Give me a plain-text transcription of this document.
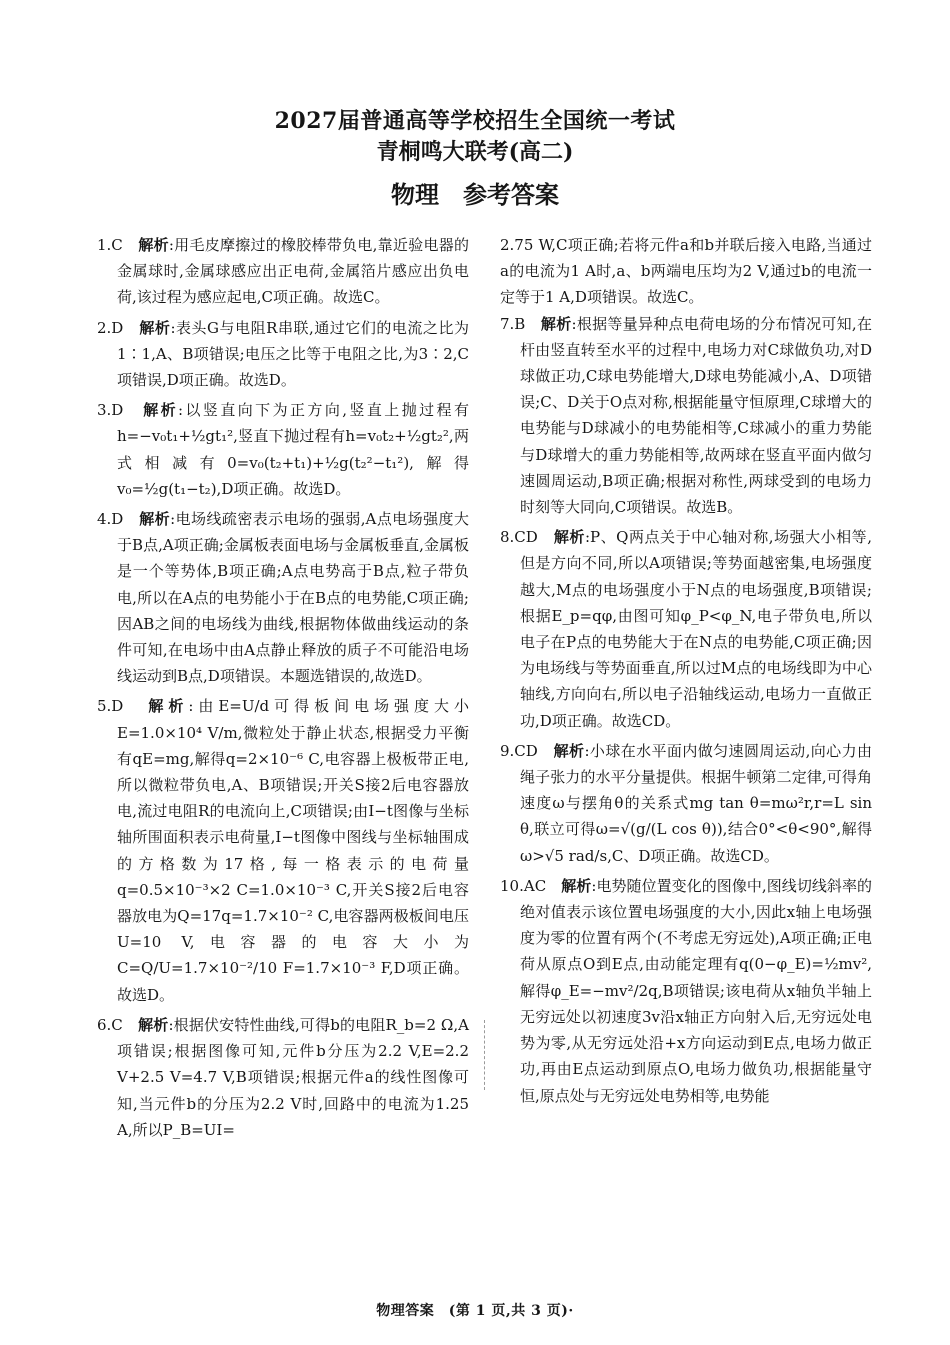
2027届普通高等学校招生全国统一考试
青桐鸣大联考(高二)
物理　参考答案
1.C　 解析:用毛皮摩擦过的橡胶棒带负电,靠近验电器的金属球时,金属球感应出正电荷,金属箔片感应出负电荷,该过程为感应起电,C项正确。故选C。
2.D　 解析:表头G与电阻R串联,通过它们的电流之比为1∶1,A、B项错误;电压之比等于电阻之比,为3∶2,C项错误,D项正确。故选D。
3.D　 解析:以竖直向下为正方向,竖直上抛过程有h=−v₀t₁+½gt₁²,竖直下抛过程有h=v₀t₂+½gt₂²,两式相减有0=v₀(t₂+t₁)+½g(t₂²−t₁²),解得v₀=½g(t₁−t₂),D项正确。故选D。
4.D　 解析:电场线疏密表示电场的强弱,A点电场强度大于B点,A项正确;金属板表面电场与金属板垂直,金属板是一个等势体,B项正确;A点电势高于B点,粒子带负电,所以在A点的电势能小于在B点的电势能,C项正确;因AB之间的电场线为曲线,根据物体做曲线运动的条件可知,在电场中由A点静止释放的质子不可能沿电场线运动到B点,D项错误。本题选错误的,故选D。
5.D　 解析:由E=U/d可得板间电场强度大小E=1.0×10⁴ V/m,微粒处于静止状态,根据受力平衡有qE=mg,解得q=2×10⁻⁶ C,电容器上极板带正电,所以微粒带负电,A、B项错误;开关S接2后电容器放电,流过电阻R的电流向上,C项错误;由I−t图像与坐标轴所围面积表示电荷量,I−t图像中图线与坐标轴围成的方格数为17格,每一格表示的电荷量q=0.5×10⁻³×2 C=1.0×10⁻³ C,开关S接2后电容器放电为Q=17q=1.7×10⁻² C,电容器两极板间电压U=10 V,电容器的电容大小为C=Q/U=1.7×10⁻²/10 F=1.7×10⁻³ F,D项正确。故选D。
6.C　 解析:根据伏安特性曲线,可得b的电阻R_b=2 Ω,A项错误;根据图像可知,元件b分压为2.2 V,E=2.2 V+2.5 V=4.7 V,B项错误;根据元件a的线性图像可知,当元件b的分压为2.2 V时,回路中的电流为1.25 A,所以P_B=UI=
2.75 W,C项正确;若将元件a和b并联后接入电路,当通过a的电流为1 A时,a、b两端电压均为2 V,通过b的电流一定等于1 A,D项错误。故选C。
7.B　 解析:根据等量异种点电荷电场的分布情况可知,在杆由竖直转至水平的过程中,电场力对C球做负功,对D球做正功,C球电势能增大,D球电势能减小,A、D项错误;C、D关于O点对称,根据能量守恒原理,C球增大的电势能与D球减小的电势能相等,C球减小的重力势能与D球增大的重力势能相等,故两球在竖直平面内做匀速圆周运动,B项正确;根据对称性,两球受到的电场力时刻等大同向,C项错误。故选B。
8.CD　 解析:P、Q两点关于中心轴对称,场强大小相等,但是方向不同,所以A项错误;等势面越密集,电场强度越大,M点的电场强度小于N点的电场强度,B项错误;根据E_p=qφ,由图可知φ_P<φ_N,电子带负电,所以电子在P点的电势能大于在N点的电势能,C项正确;因为电场线与等势面垂直,所以过M点的电场线即为中心轴线,方向向右,所以电子沿轴线运动,电场力一直做正功,D项正确。故选CD。
9.CD　 解析:小球在水平面内做匀速圆周运动,向心力由绳子张力的水平分量提供。根据牛顿第二定律,可得角速度ω与摆角θ的关系式mg tan θ=mω²r,r=L sin θ,联立可得ω=√(g/(L cos θ)),结合0°<θ<90°,解得ω>√5 rad/s,C、D项正确。故选CD。
10.AC　 解析:电势随位置变化的图像中,图线切线斜率的绝对值表示该位置电场强度的大小,因此x轴上电场强度为零的位置有两个(不考虑无穷远处),A项正确;正电荷从原点O到E点,由动能定理有q(0−φ_E)=½mv²,解得φ_E=−mv²/2q,B项错误;该电荷从x轴负半轴上无穷远处以初速度3v沿x轴正方向射入后,无穷远处电势为零,从无穷远处沿+x方向运动到E点,电场力做正功,再由E点运动到原点O,电场力做负功,根据能量守恒,原点处与无穷远处电势相等,电势能
物理答案　(第 1 页,共 3 页)·
